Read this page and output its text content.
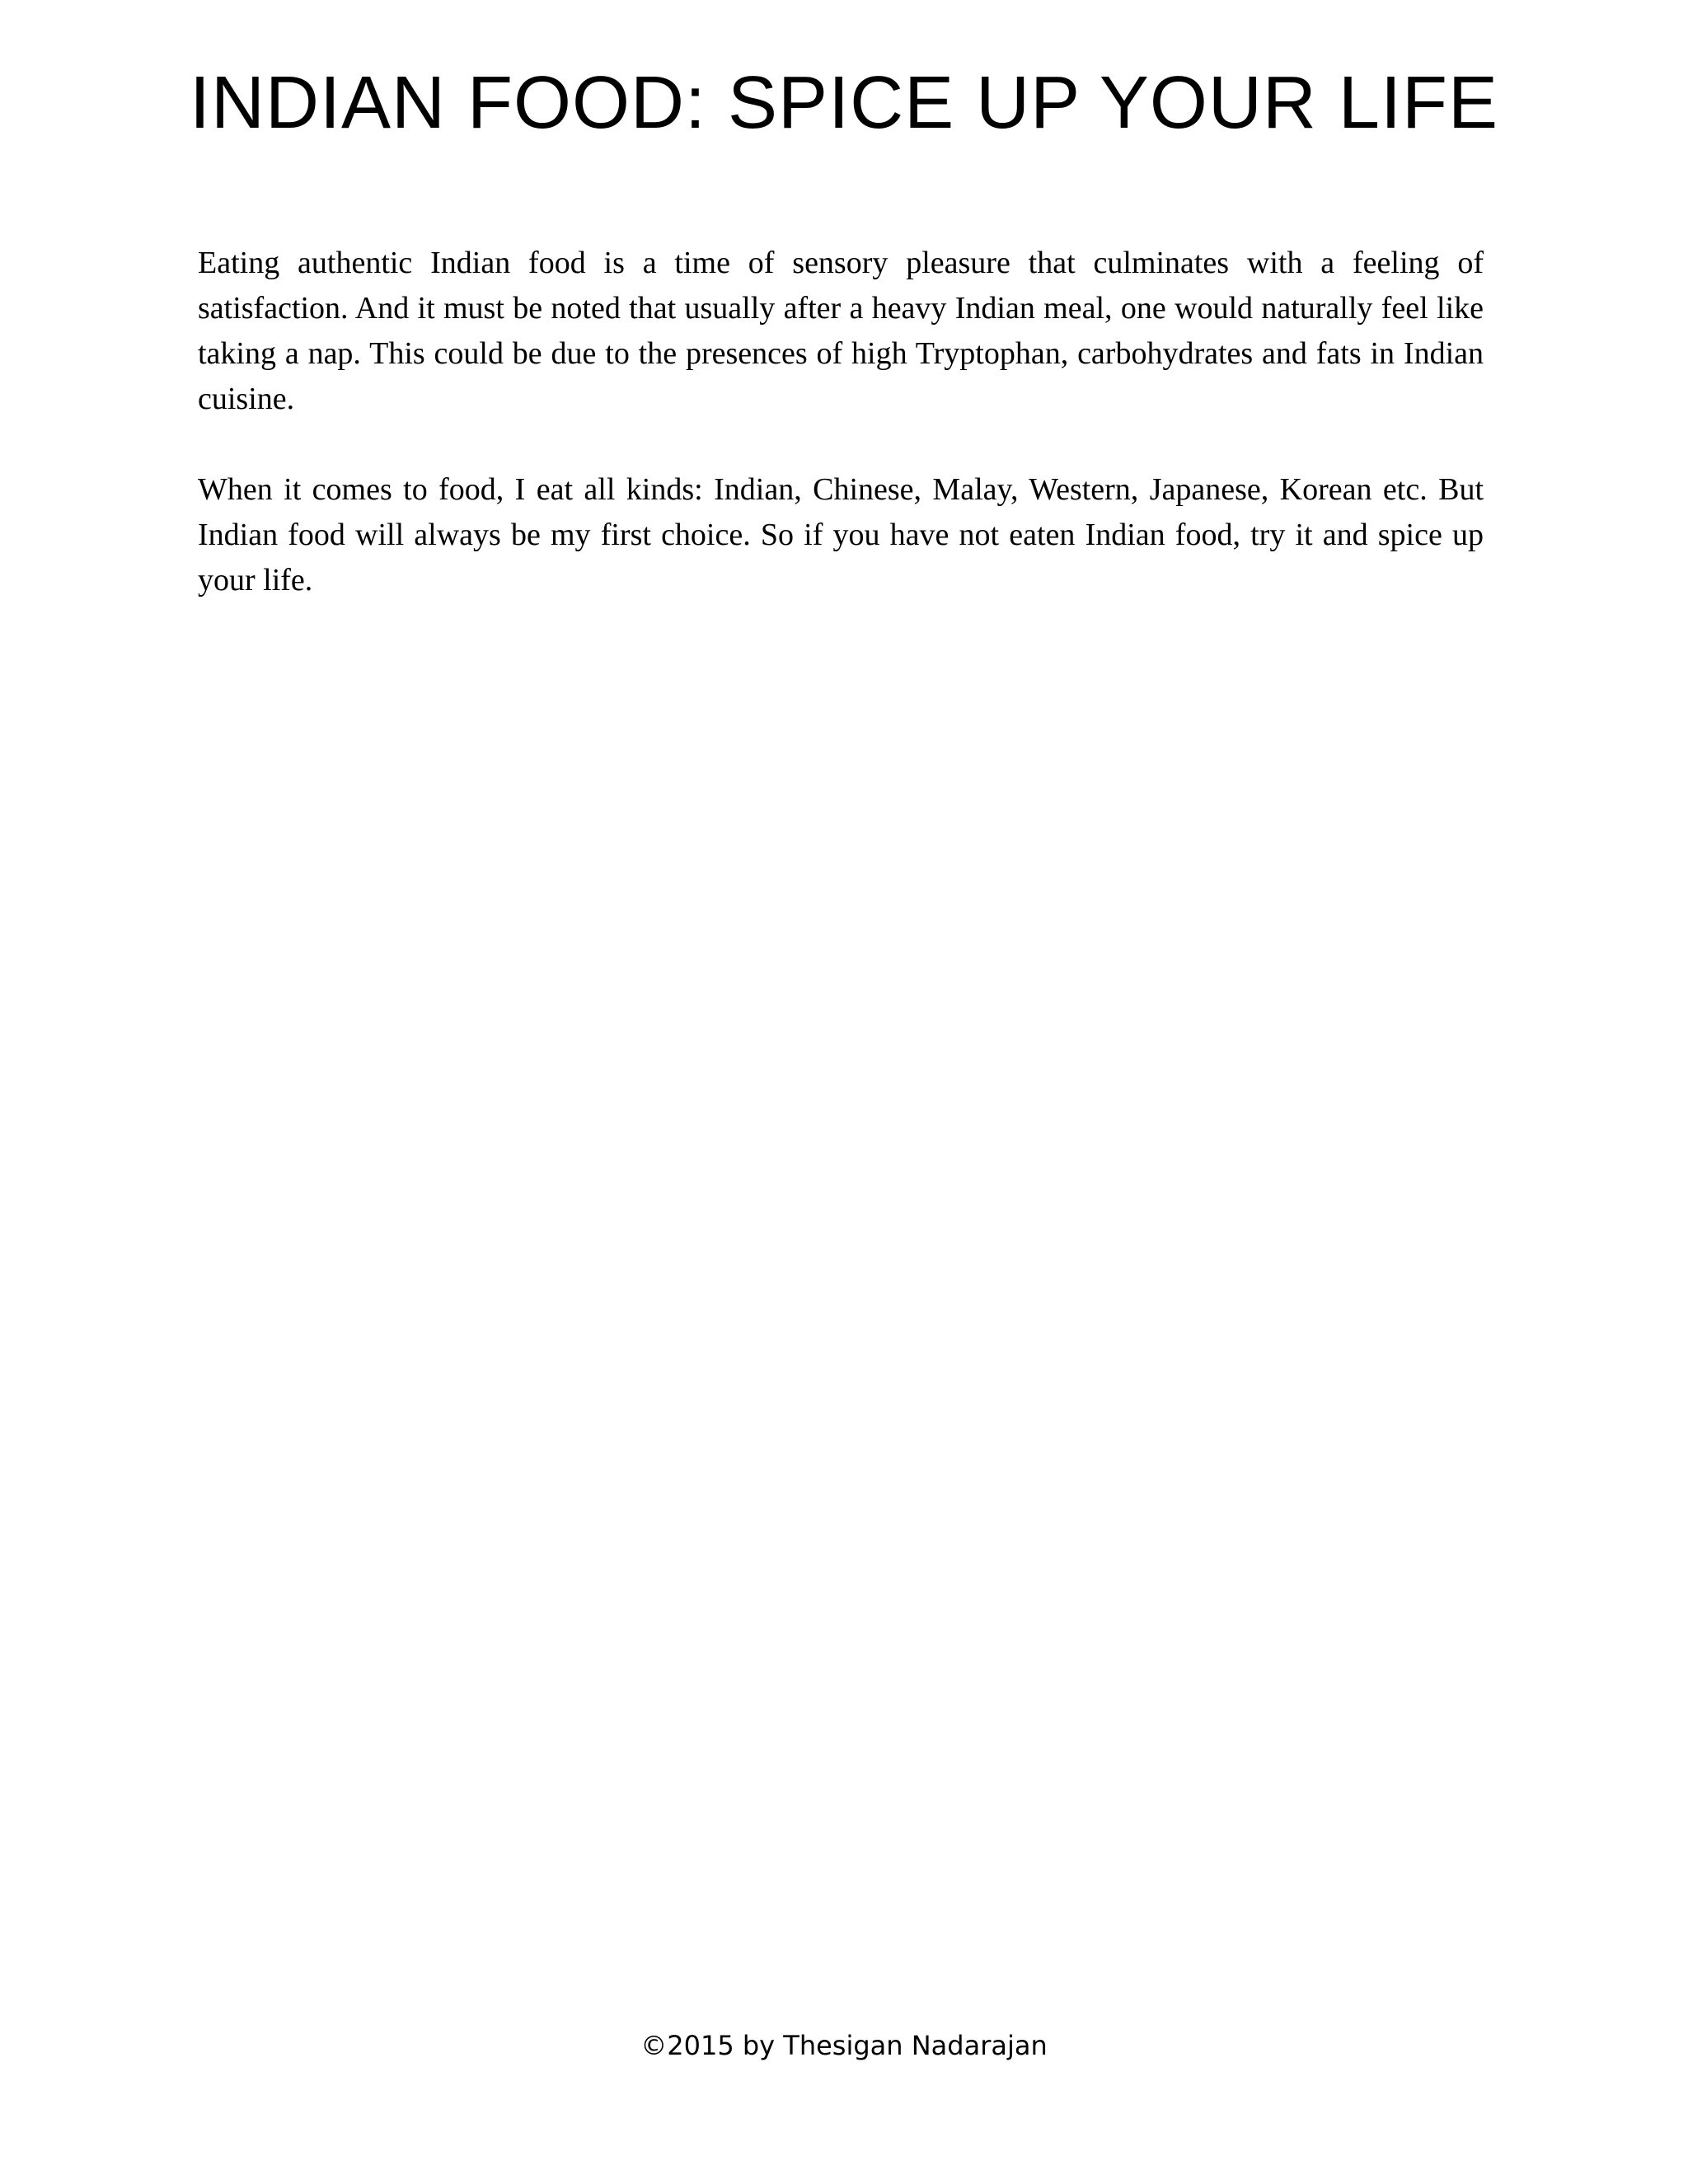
INDIAN FOOD: SPICE UP YOUR LIFE

Eating authentic Indian food is a time of sensory pleasure that culminates with a feeling of satisfaction. And it must be noted that usually after a heavy Indian meal, one would naturally feel like taking a nap. This could be due to the presences of high Tryptophan, carbohydrates and fats in Indian cuisine.

When it comes to food, I eat all kinds: Indian, Chinese, Malay, Western, Japanese, Korean etc. But Indian food will always be my first choice. So if you have not eaten Indian food, try it and spice up your life.

©2015 by Thesigan Nadarajan
